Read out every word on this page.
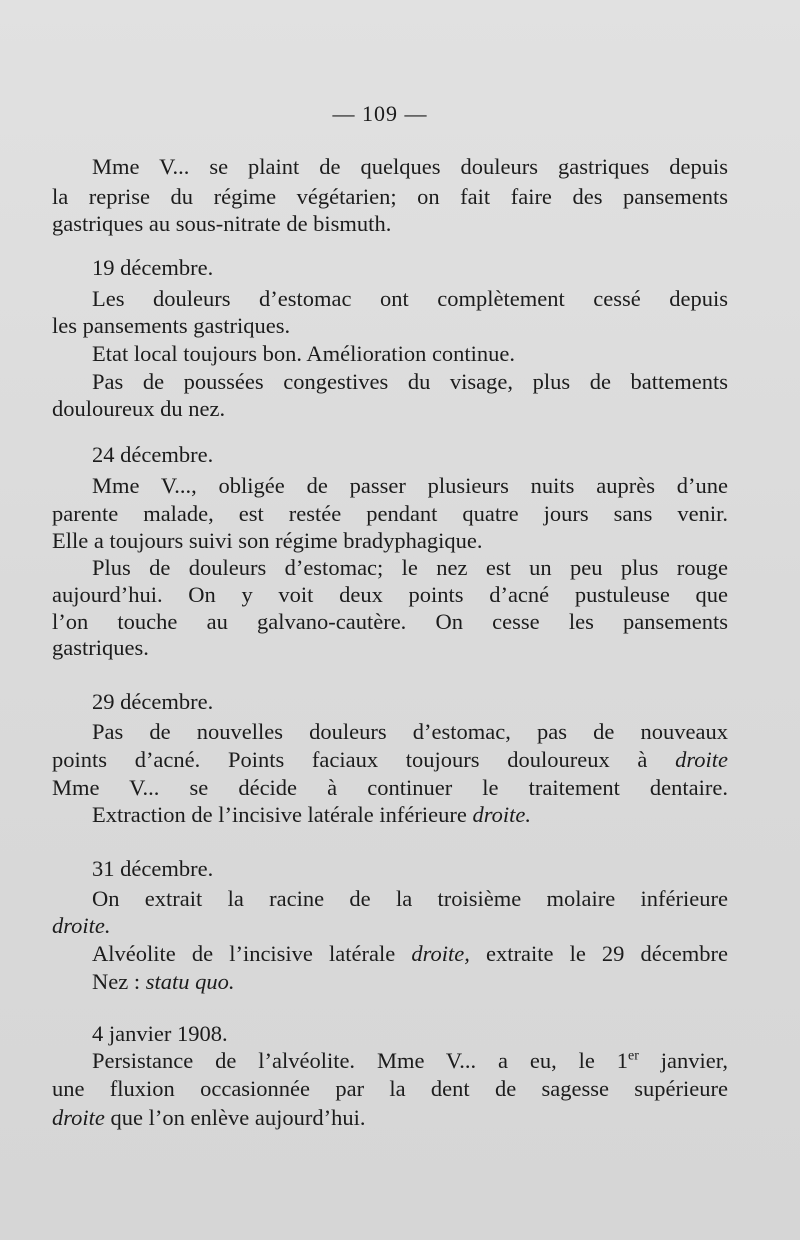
— 109 —
Mme V... se plaint de quelques douleurs gastriques depuis
la reprise du régime végétarien; on fait faire des pansements
gastriques au sous-nitrate de bismuth.
19 décembre.
Les douleurs d’estomac ont complètement cessé depuis
les pansements gastriques.
Etat local toujours bon. Amélioration continue.
Pas de poussées congestives du visage, plus de battements
douloureux du nez.
24 décembre.
Mme V..., obligée de passer plusieurs nuits auprès d’une
parente malade, est restée pendant quatre jours sans venir.
Elle a toujours suivi son régime bradyphagique.
Plus de douleurs d’estomac; le nez est un peu plus rouge
aujourd’hui. On y voit deux points d’acné pustuleuse que
l’on touche au galvano-cautère. On cesse les pansements
gastriques.
29 décembre.
Pas de nouvelles douleurs d’estomac, pas de nouveaux
points d’acné. Points faciaux toujours douloureux à droite
Mme V... se décide à continuer le traitement dentaire.
Extraction de l’incisive latérale inférieure droite.
31 décembre.
On extrait la racine de la troisième molaire inférieure
droite.
Alvéolite de l’incisive latérale droite, extraite le 29 décembre
Nez : statu quo.
4 janvier 1908.
Persistance de l’alvéolite. Mme V... a eu, le 1er janvier,
une fluxion occasionnée par la dent de sagesse supérieure
droite que l’on enlève aujourd’hui.
